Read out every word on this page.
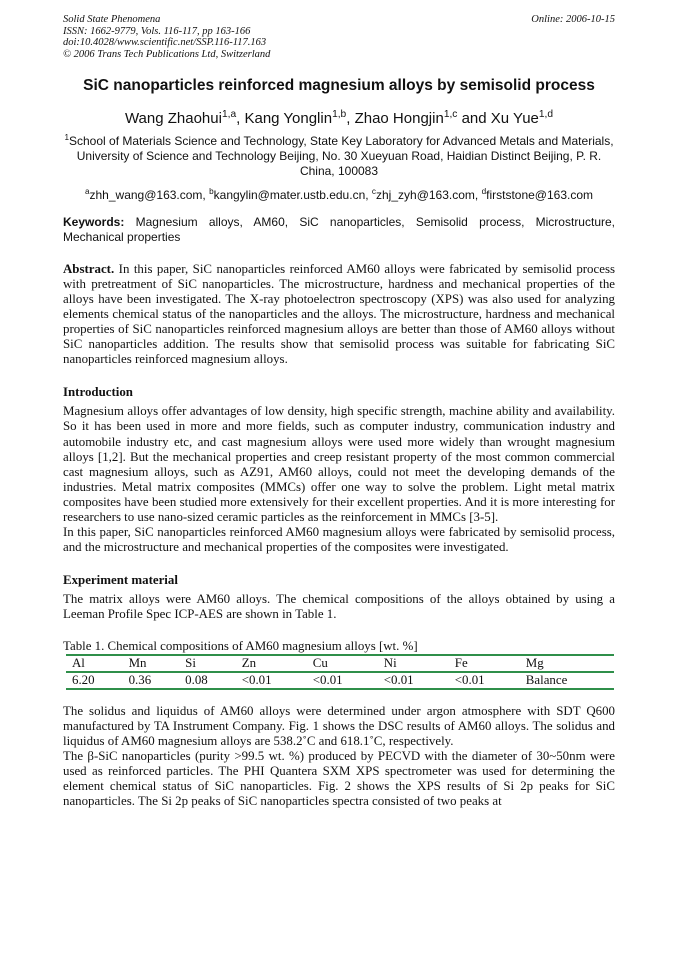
Solid State Phenomena
ISSN: 1662-9779, Vols. 116-117, pp 163-166
doi:10.4028/www.scientific.net/SSP.116-117.163
© 2006 Trans Tech Publications Ltd, Switzerland
Online: 2006-10-15
SiC nanoparticles reinforced magnesium alloys by semisolid process
Wang Zhaohui$^{1,a}$, Kang Yonglin$^{1,b}$, Zhao Hongjin$^{1,c}$ and Xu Yue$^{1,d}$
$^1$School of Materials Science and Technology, State Key Laboratory for Advanced Metals and Materials, University of Science and Technology Beijing, No. 30 Xueyuan Road, Haidian Distinct Beijing, P. R. China, 100083
$^a$zhh_wang@163.com, $^b$kangylin@mater.ustb.edu.cn, $^c$zhj_zyh@163.com, $^d$firststone@163.com
Keywords: Magnesium alloys, AM60, SiC nanoparticles, Semisolid process, Microstructure, Mechanical properties
Abstract. In this paper, SiC nanoparticles reinforced AM60 alloys were fabricated by semisolid process with pretreatment of SiC nanoparticles. The microstructure, hardness and mechanical properties of the alloys have been investigated. The X-ray photoelectron spectroscopy (XPS) was also used for analyzing elements chemical status of the nanoparticles and the alloys. The microstructure, hardness and mechanical properties of SiC nanoparticles reinforced magnesium alloys are better than those of AM60 alloys without SiC nanoparticles addition. The results show that semisolid process was suitable for fabricating SiC nanoparticles reinforced magnesium alloys.
Introduction

Magnesium alloys offer advantages of low density, high specific strength, machine ability and availability. So it has been used in more and more fields, such as computer industry, communication industry and automobile industry etc, and cast magnesium alloys were used more widely than wrought magnesium alloys [1,2]. But the mechanical properties and creep resistant property of the most common commercial cast magnesium alloys, such as AZ91, AM60 alloys, could not meet the developing demands of the industries. Metal matrix composites (MMCs) offer one way to solve the problem. Light metal matrix composites have been studied more extensively for their excellent properties. And it is more interesting for researchers to use nano-sized ceramic particles as the reinforcement in MMCs [3-5].

In this paper, SiC nanoparticles reinforced AM60 magnesium alloys were fabricated by semisolid process, and the microstructure and mechanical properties of the composites were investigated.

Experiment material

The matrix alloys were AM60 alloys. The chemical compositions of the alloys obtained by using a Leeman Profile Spec ICP-AES are shown in Table 1.

Table 1. Chemical compositions of AM60 magnesium alloys [wt. %]
Al	Mn	Si	Zn	Cu	Ni	Fe	Mg
6.20	0.36	0.08	<0.01	<0.01	<0.01	<0.01	Balance

The solidus and liquidus of AM60 alloys were determined under argon atmosphere with SDT Q600 manufactured by TA Instrument Company. Fig. 1 shows the DSC results of AM60 alloys. The solidus and liquidus of AM60 magnesium alloys are 538.2˚C and 618.1˚C, respectively.

The β-SiC nanoparticles (purity >99.5 wt. %) produced by PECVD with the diameter of 30~50nm were used as reinforced particles. The PHI Quantera SXM XPS spectrometer was used for determining the element chemical status of SiC nanoparticles. Fig. 2 shows the XPS results of Si 2p peaks for SiC nanoparticles. The Si 2p peaks of SiC nanoparticles spectra consisted of two peaks at
